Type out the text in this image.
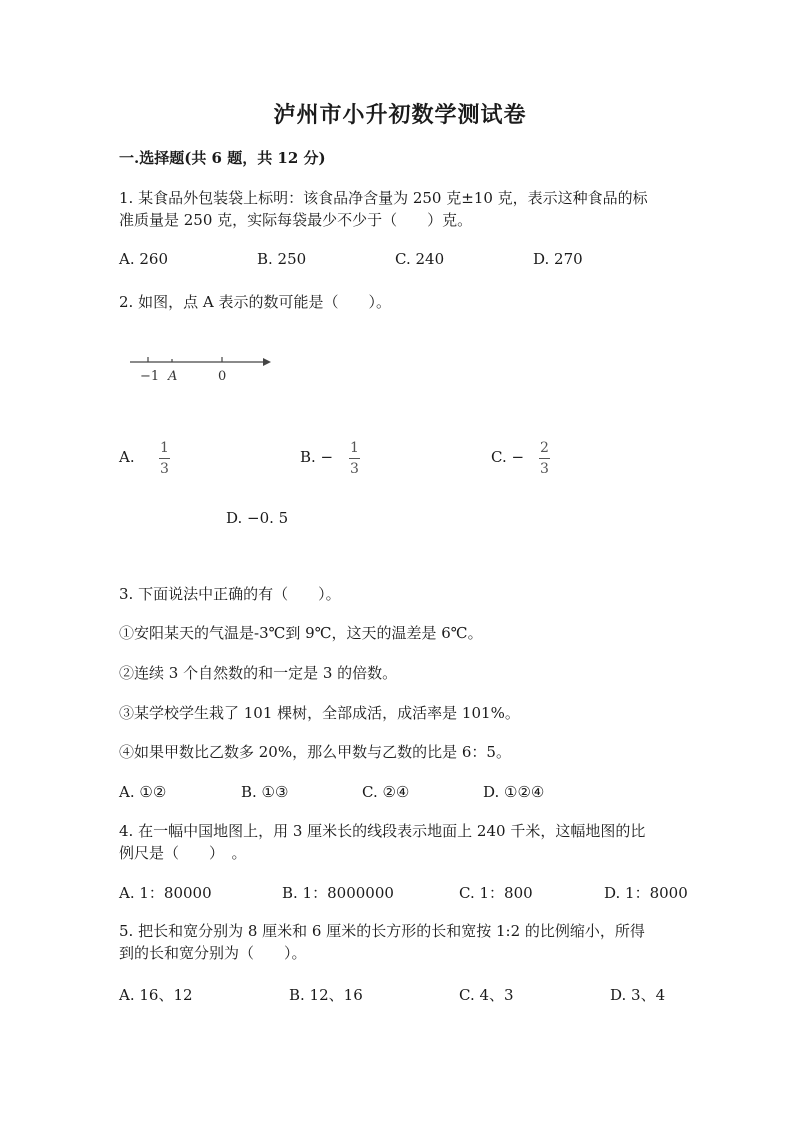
泸州市小升初数学测试卷
一.选择题(共 6 题，共 12 分)
1. 某食品外包装袋上标明：该食品净含量为 250 克±10 克，表示这种食品的标
准质量是 250 克，实际每袋最少不少于（　　）克。
A. 260	B. 250	C. 240	D. 270
2. 如图，点 A 表示的数可能是（　　）。
−1 A	0
A. 1
3
B. − 1
3
C. − 2
3
D. −0. 5
3. 下面说法中正确的有（　　）。
①安阳某天的气温是-3℃到 9℃，这天的温差是 6℃。
②连续 3 个自然数的和一定是 3 的倍数。
③某学校学生栽了 101 棵树，全部成活，成活率是 101%。
④如果甲数比乙数多 20%，那么甲数与乙数的比是 6：5。
A. ①②	B. ①③	C. ②④	D. ①②④
4. 在一幅中国地图上，用 3 厘米长的线段表示地面上 240 千米，这幅地图的比
例尺是（　　）　。
A. 1：80000	B. 1：8000000	C. 1：800	D. 1：8000
5. 把长和宽分别为 8 厘米和 6 厘米的长方形的长和宽按 1:2 的比例缩小，所得
到的长和宽分别为（　　）。
A. 16、12	B. 12、16	C. 4、3	D. 3、4
